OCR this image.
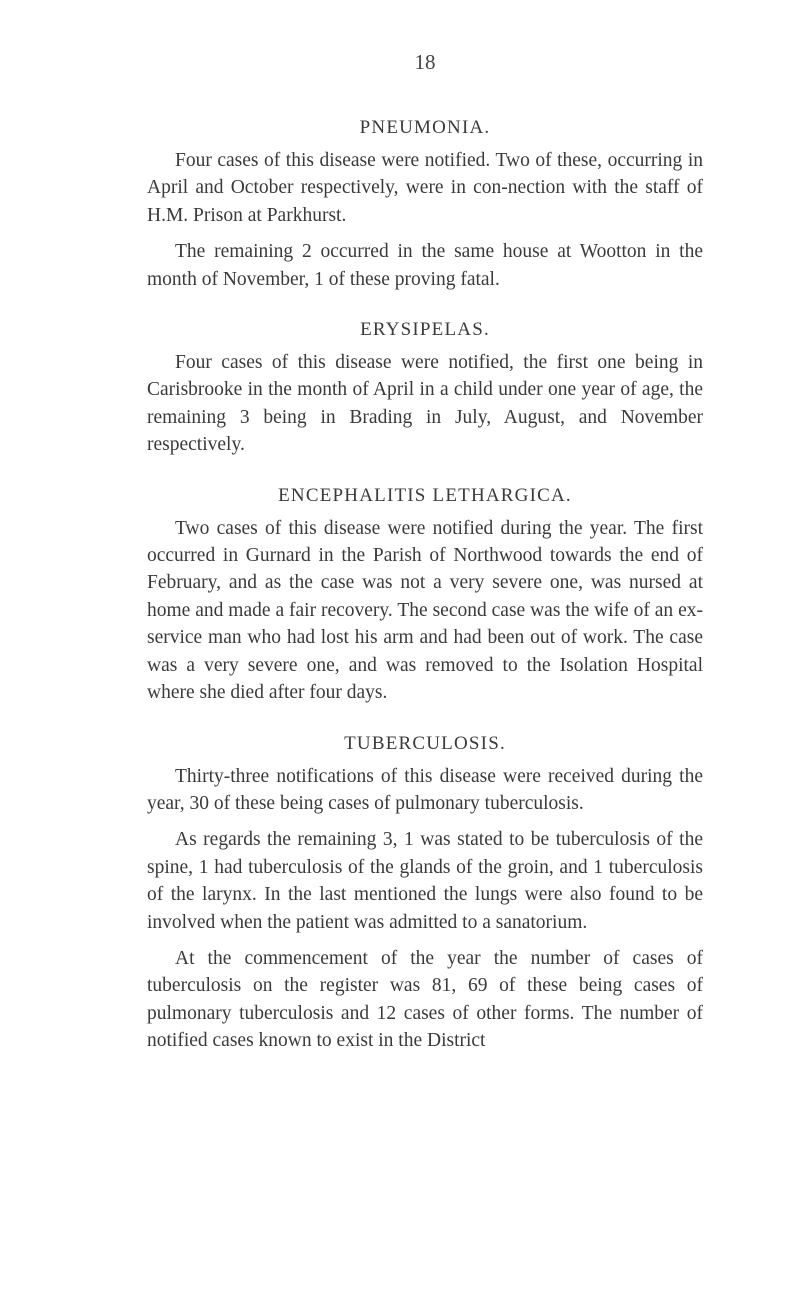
18
PNEUMONIA.

Four cases of this disease were notified. Two of these, occurring in April and October respectively, were in con-nection with the staff of H.M. Prison at Parkhurst.

The remaining 2 occurred in the same house at Wootton in the month of November, 1 of these proving fatal.

ERYSIPELAS.

Four cases of this disease were notified, the first one being in Carisbrooke in the month of April in a child under one year of age, the remaining 3 being in Brading in July, August, and November respectively.

ENCEPHALITIS LETHARGICA.

Two cases of this disease were notified during the year. The first occurred in Gurnard in the Parish of Northwood towards the end of February, and as the case was not a very severe one, was nursed at home and made a fair recovery. The second case was the wife of an ex-service man who had lost his arm and had been out of work. The case was a very severe one, and was removed to the Isolation Hospital where she died after four days.

TUBERCULOSIS.

Thirty-three notifications of this disease were received during the year, 30 of these being cases of pulmonary tuberculosis.

As regards the remaining 3, 1 was stated to be tuberculosis of the spine, 1 had tuberculosis of the glands of the groin, and 1 tuberculosis of the larynx. In the last mentioned the lungs were also found to be involved when the patient was admitted to a sanatorium.

At the commencement of the year the number of cases of tuberculosis on the register was 81, 69 of these being cases of pulmonary tuberculosis and 12 cases of other forms. The number of notified cases known to exist in the District
